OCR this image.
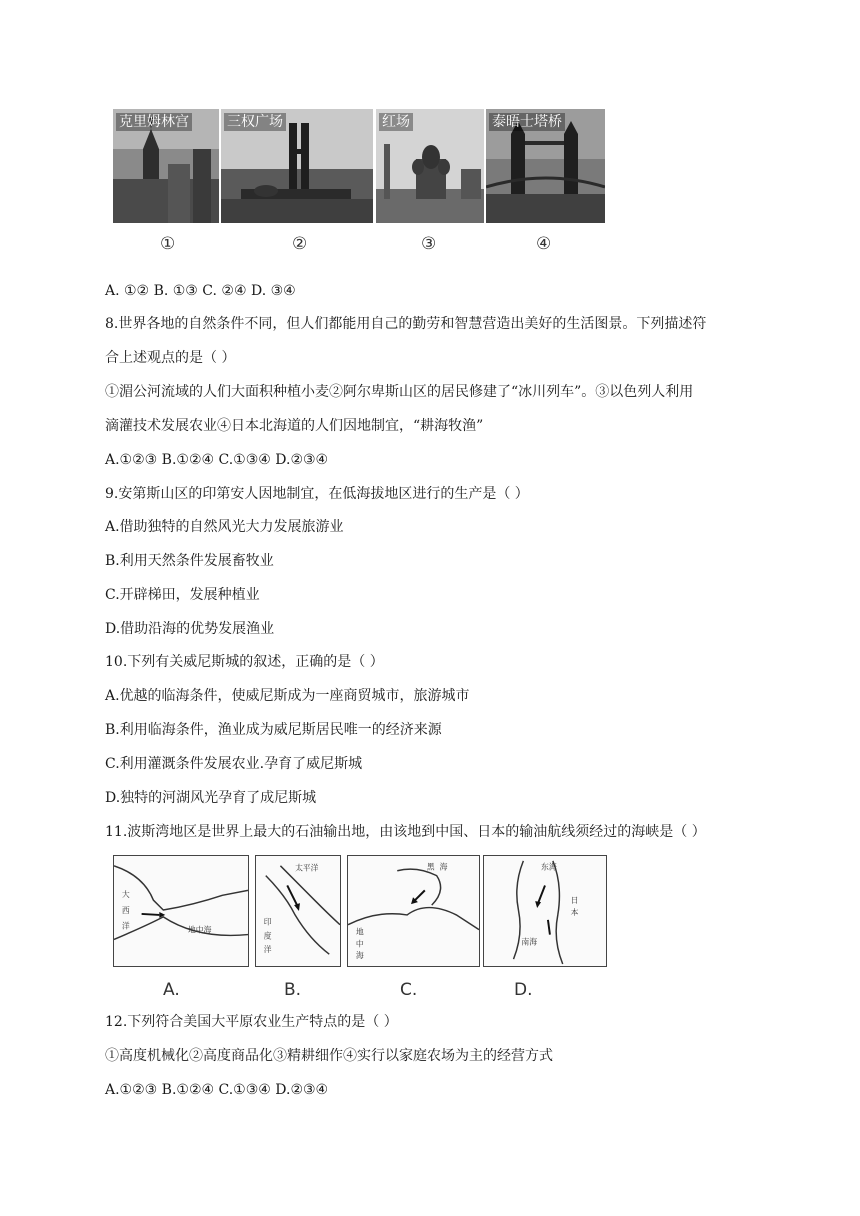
克里姆林宫	三权广场	红场	泰晤士塔桥
①	②	③	④
A. ①② B. ①③ C. ②④ D. ③④
8.世界各地的自然条件不同，但人们都能用自己的勤劳和智慧营造出美好的生活图景。下列描述符
合上述观点的是（ ）
①湄公河流域的人们大面积种植小麦②阿尔卑斯山区的居民修建了“冰川列车”。③以色列人利用
滴灌技术发展农业④日本北海道的人们因地制宜，“耕海牧渔”
A.①②③ B.①②④ C.①③④ D.②③④
9.安第斯山区的印第安人因地制宜，在低海拔地区进行的生产是（ ）
A.借助独特的自然风光大力发展旅游业
B.利用天然条件发展畜牧业
C.开辟梯田，发展种植业
D.借助沿海的优势发展渔业
10.下列有关威尼斯城的叙述，正确的是（ ）
A.优越的临海条件，使威尼斯成为一座商贸城市，旅游城市
B.利用临海条件，渔业成为威尼斯居民唯一的经济来源
C.利用灌溉条件发展农业.孕育了威尼斯城
D.独特的河湖风光孕育了成尼斯城
11.波斯湾地区是世界上最大的石油输出地，由该地到中国、日本的输油航线须经过的海峡是（ ）
大
西
洋	地中海
太平洋
印
度
洋
黑 海
地
中
海
东 海
日
本
南海
A.	B.	C.	D.
12.下列符合美国大平原农业生产特点的是（ ）
①高度机械化②高度商品化③精耕细作④实行以家庭农场为主的经营方式
A.①②③ B.①②④ C.①③④ D.②③④
